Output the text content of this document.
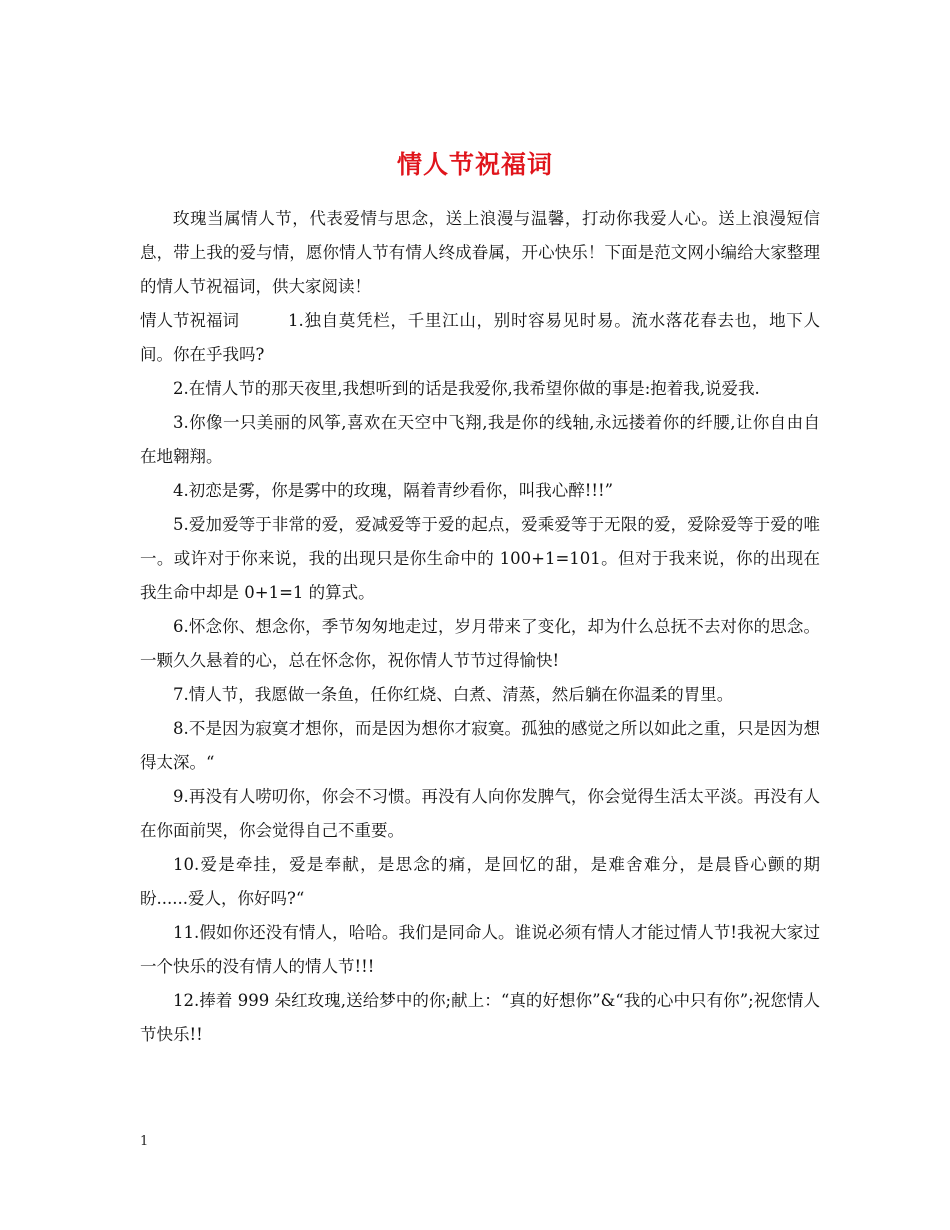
情人节祝福词

玫瑰当属情人节，代表爱情与思念，送上浪漫与温馨，打动你我爱人心。送上浪漫短信息，带上我的爱与情，愿你情人节有情人终成眷属，开心快乐！下面是范文网小编给大家整理的情人节祝福词，供大家阅读！

情人节祝福词	1.独自莫凭栏，千里江山，别时容易见时易。流水落花春去也，地下人间。你在乎我吗?

2.在情人节的那天夜里,我想听到的话是我爱你,我希望你做的事是:抱着我,说爱我.

3.你像一只美丽的风筝,喜欢在天空中飞翔,我是你的线轴,永远搂着你的纤腰,让你自由自在地翱翔。

4.初恋是雾，你是雾中的玫瑰，隔着青纱看你，叫我心醉!!!”

5.爱加爱等于非常的爱，爱减爱等于爱的起点，爱乘爱等于无限的爱，爱除爱等于爱的唯一。或许对于你来说，我的出现只是你生命中的 100+1=101。但对于我来说，你的出现在我生命中却是 0+1=1 的算式。

6.怀念你、想念你，季节匆匆地走过，岁月带来了变化，却为什么总抚不去对你的思念。一颗久久悬着的心，总在怀念你，祝你情人节节过得愉快!

7.情人节，我愿做一条鱼，任你红烧、白煮、清蒸，然后躺在你温柔的胃里。

8.不是因为寂寞才想你，而是因为想你才寂寞。孤独的感觉之所以如此之重，只是因为想得太深。“

9.再没有人唠叨你，你会不习惯。再没有人向你发脾气，你会觉得生活太平淡。再没有人在你面前哭，你会觉得自己不重要。

10.爱是牵挂，爱是奉献，是思念的痛，是回忆的甜，是难舍难分，是晨昏心颤的期盼......爱人，你好吗?“

11.假如你还没有情人，哈哈。我们是同命人。谁说必须有情人才能过情人节!我祝大家过一个快乐的没有情人的情人节!!!

12.捧着 999 朵红玫瑰,送给梦中的你;献上：“真的好想你”&“我的心中只有你”;祝您情人节快乐!!

1
